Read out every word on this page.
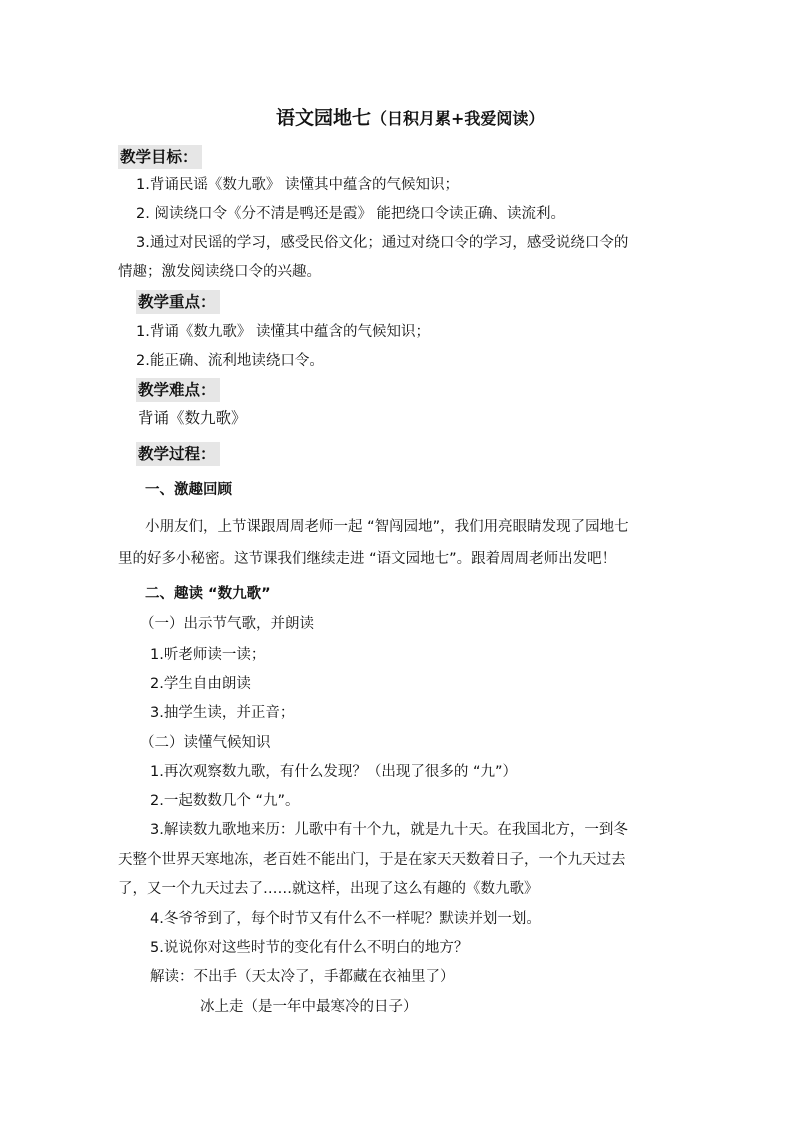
语文园地七（日积月累+我爱阅读）
教学目标：
1.背诵民谣《数九歌》 读懂其中蕴含的气候知识；
2. 阅读绕口令《分不清是鸭还是霞》 能把绕口令读正确、读流利。
3.通过对民谣的学习，感受民俗文化；通过对绕口令的学习，感受说绕口令的
情趣；激发阅读绕口令的兴趣。
教学重点：
1.背诵《数九歌》 读懂其中蕴含的气候知识；
2.能正确、流利地读绕口令。
教学难点：
背诵《数九歌》
教学过程：
一、激趣回顾
小朋友们，上节课跟周周老师一起 “智闯园地”，我们用亮眼睛发现了园地七
里的好多小秘密。这节课我们继续走进 “语文园地七”。跟着周周老师出发吧！
二、趣读 “数九歌”
（一）出示节气歌，并朗读
1.听老师读一读；
2.学生自由朗读
3.抽学生读，并正音；
（二）读懂气候知识
1.再次观察数九歌，有什么发现？（出现了很多的 “九”）
2.一起数数几个 “九”。
3.解读数九歌地来历：儿歌中有十个九，就是九十天。在我国北方，一到冬
天整个世界天寒地冻，老百姓不能出门，于是在家天天数着日子，一个九天过去
了，又一个九天过去了……就这样，出现了这么有趣的《数九歌》
4.冬爷爷到了，每个时节又有什么不一样呢？默读并划一划。
5.说说你对这些时节的变化有什么不明白的地方？
解读：不出手（天太冷了，手都藏在衣袖里了）
冰上走（是一年中最寒冷的日子）
